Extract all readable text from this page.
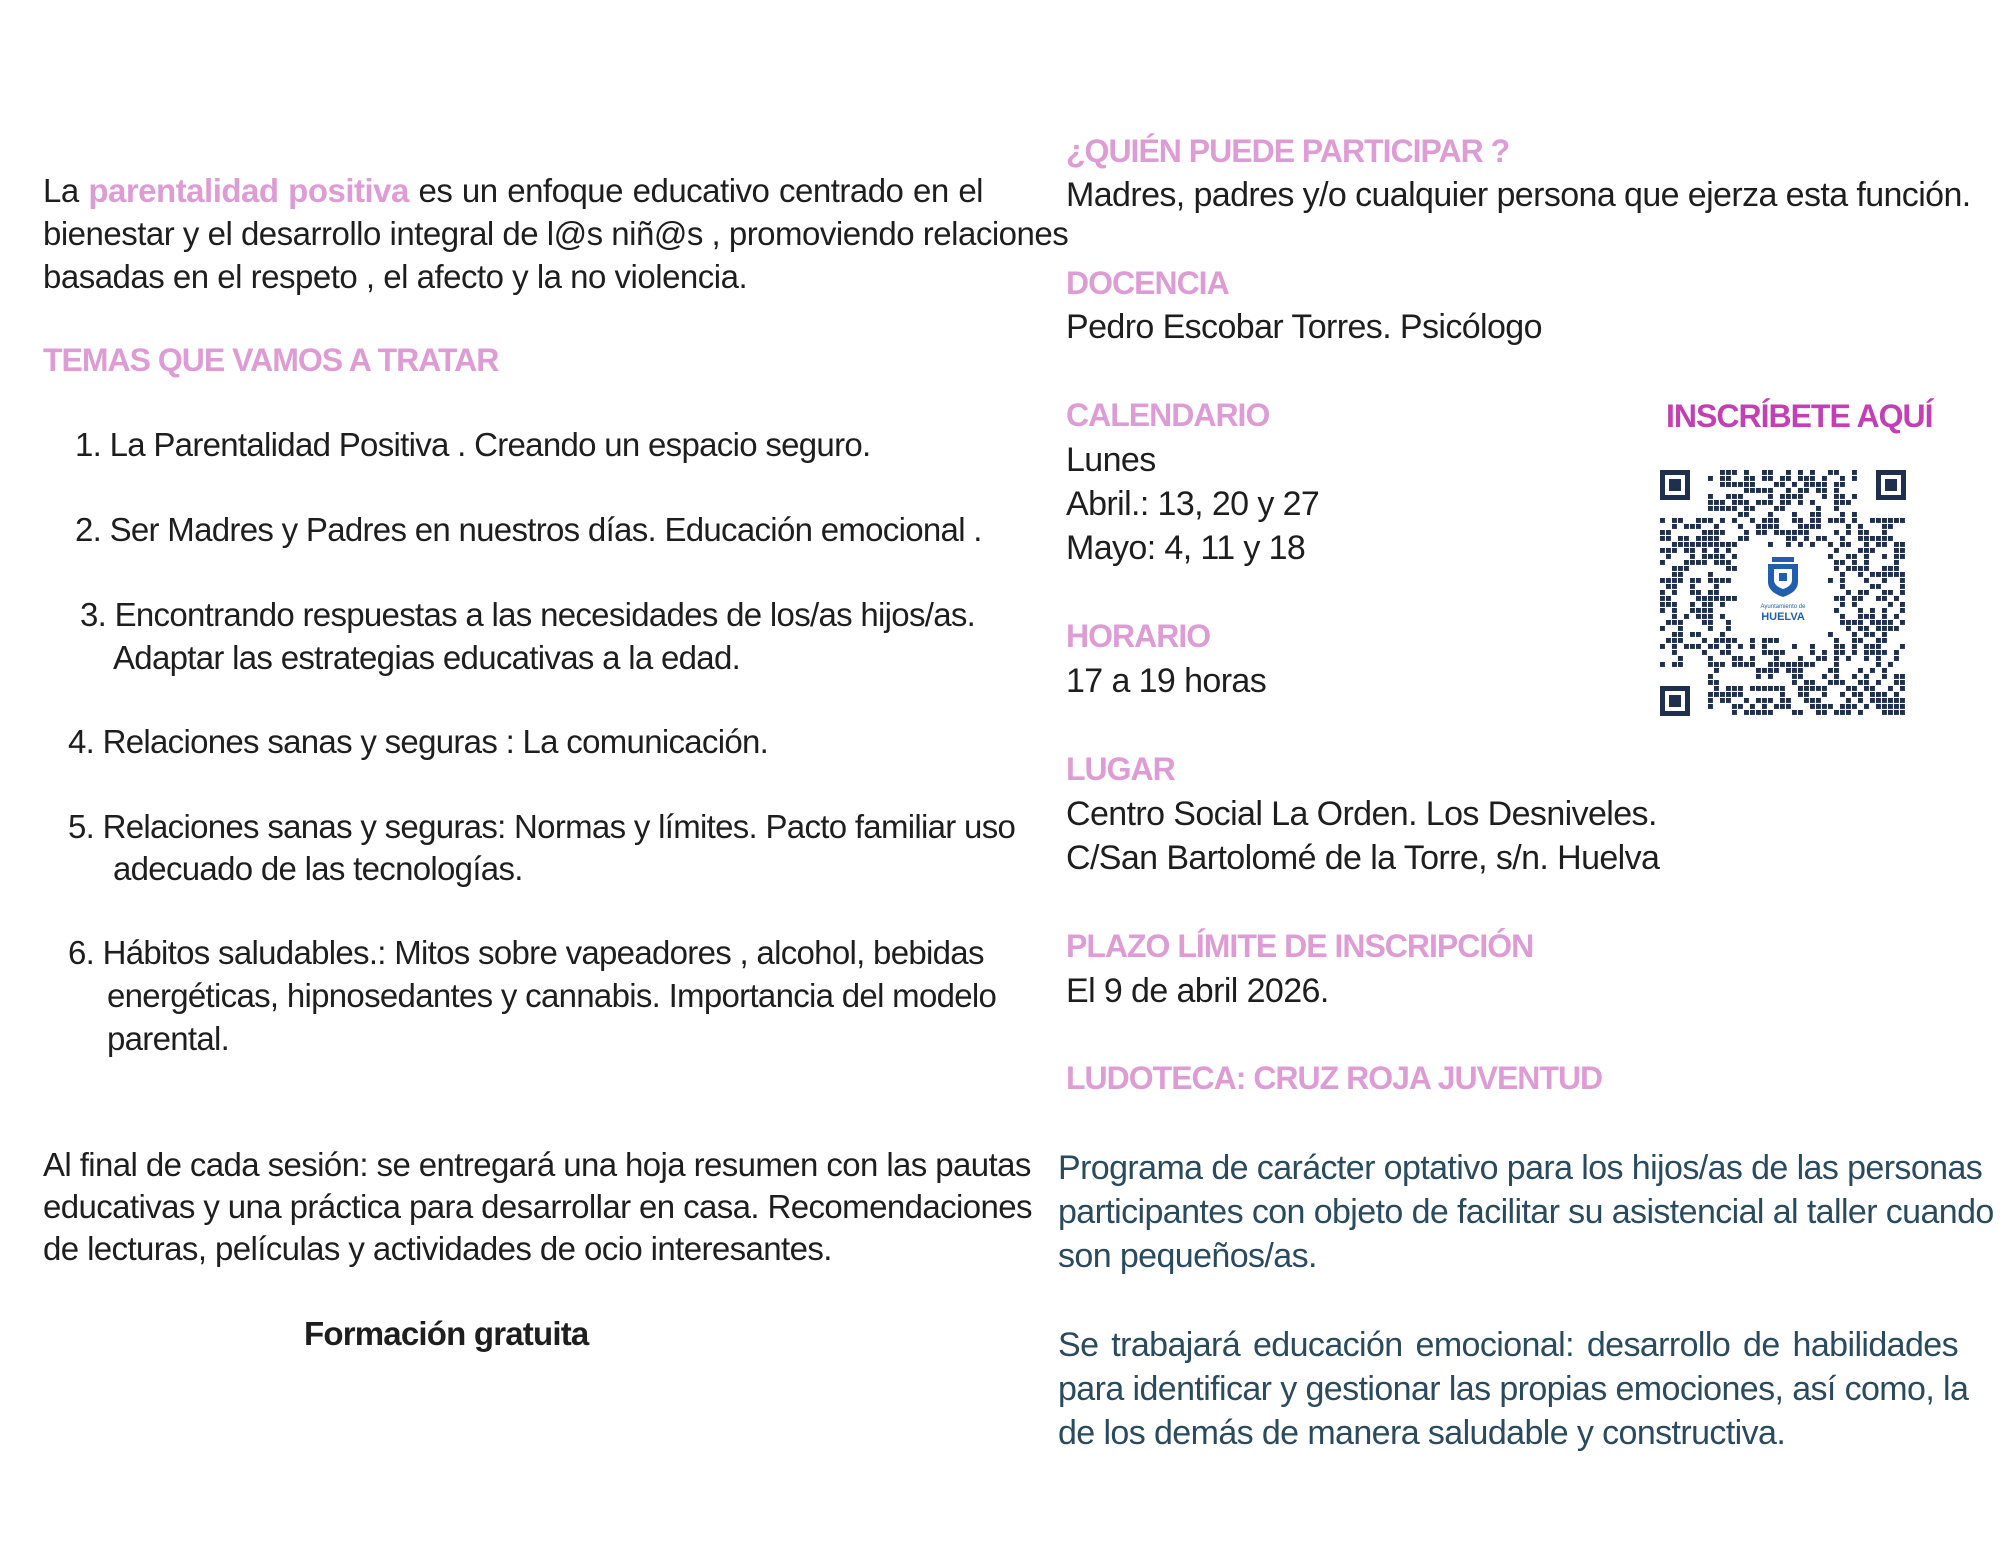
La parentalidad positiva es un enfoque educativo centrado en el
bienestar y el desarrollo integral de l@s niñ@s , promoviendo relaciones
basadas en el respeto , el afecto y la no violencia.
TEMAS QUE VAMOS A TRATAR
1. La Parentalidad Positiva . Creando un espacio seguro.
2. Ser Madres y Padres en nuestros días. Educación emocional .
3. Encontrando respuestas a las necesidades de los/as hijos/as.
Adaptar las estrategias educativas a la edad.
4. Relaciones sanas y seguras : La comunicación.
5. Relaciones sanas y seguras: Normas y límites. Pacto familiar uso
adecuado de las tecnologías.
6. Hábitos saludables.: Mitos sobre vapeadores , alcohol, bebidas
energéticas, hipnosedantes y cannabis. Importancia del modelo
parental.
Al final de cada sesión: se entregará una hoja resumen con las pautas
educativas y una práctica para desarrollar en casa. Recomendaciones
de lecturas, películas y actividades de ocio interesantes.
Formación gratuita
¿QUIÉN PUEDE PARTICIPAR ?
Madres, padres y/o cualquier persona que ejerza esta función.
DOCENCIA
Pedro Escobar Torres. Psicólogo
CALENDARIO
Lunes
Abril.: 13, 20 y 27
Mayo: 4, 11 y 18
HORARIO
17 a 19 horas
LUGAR
Centro Social La Orden. Los Desniveles.
C/San Bartolomé de la Torre, s/n. Huelva
PLAZO LÍMITE DE INSCRIPCIÓN
El 9 de abril 2026.
LUDOTECA: CRUZ ROJA JUVENTUD
Programa de carácter optativo para los hijos/as de las personas
participantes con objeto de facilitar su asistencial al taller cuando
son pequeños/as.
Se trabajará educación emocional: desarrollo de habilidades
para identificar y gestionar las propias emociones, así como, la
de los demás de manera saludable y constructiva.
INSCRÍBETE AQUÍ
Ayuntamiento de
HUELVA
